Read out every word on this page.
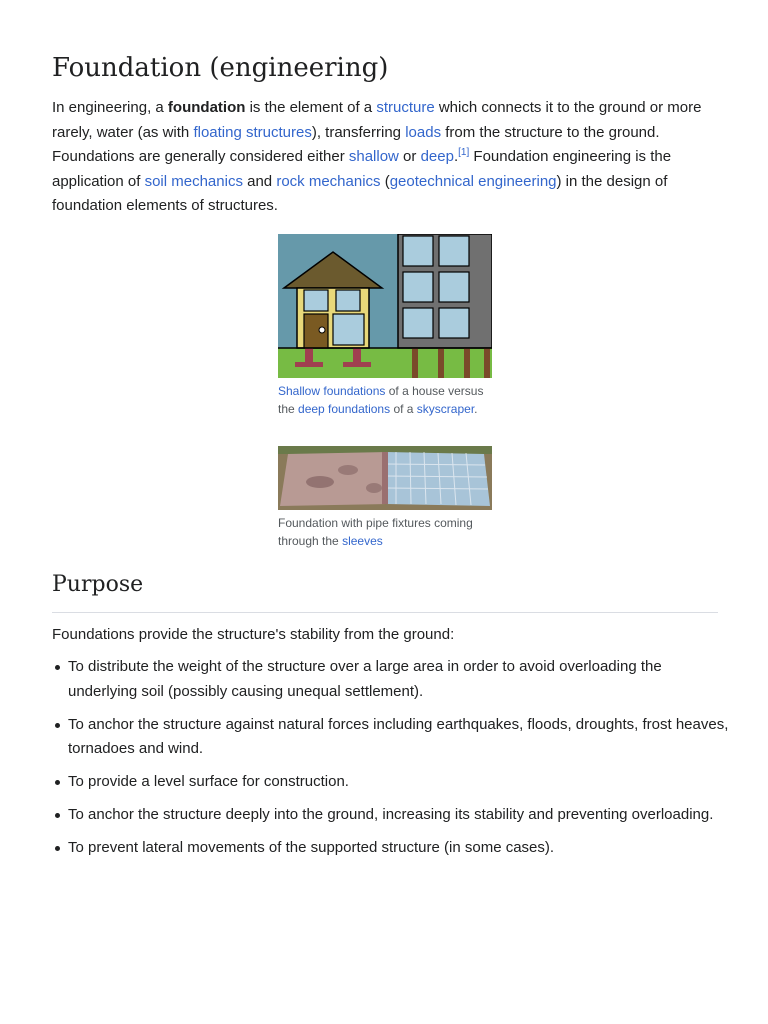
Foundation (engineering)

In engineering, a foundation is the element of a structure which connects it to the ground or more rarely, water (as with floating structures), transferring loads from the structure to the ground. Foundations are generally considered either shallow or deep.[1] Foundation engineering is the application of soil mechanics and rock mechanics (geotechnical engineering) in the design of foundation elements of structures.

Shallow foundations of a house versus the deep foundations of a skyscraper.
Foundation with pipe fixtures coming through the sleeves
Purpose

Foundations provide the structure's stability from the ground:

To distribute the weight of the structure over a large area in order to avoid overloading the underlying soil (possibly causing unequal settlement).
To anchor the structure against natural forces including earthquakes, floods, droughts, frost heaves, tornadoes and wind.
To provide a level surface for construction.
To anchor the structure deeply into the ground, increasing its stability and preventing overloading.
To prevent lateral movements of the supported structure (in some cases).
